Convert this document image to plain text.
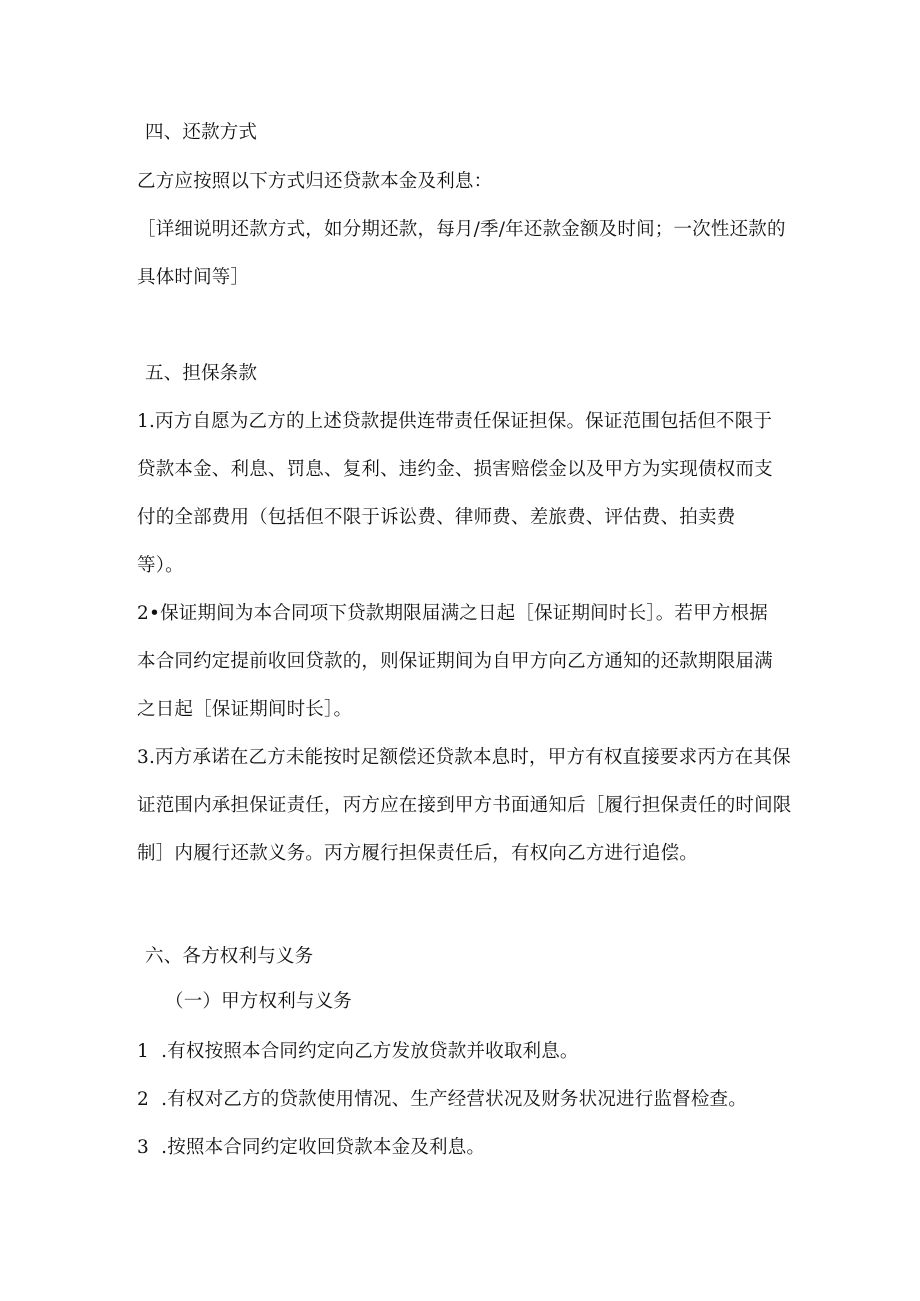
四、还款方式
乙方应按照以下方式归还贷款本金及利息：
［详细说明还款方式，如分期还款，每月/季/年还款金额及时间；一次性还款的
具体时间等］
五、担保条款
1.丙方自愿为乙方的上述贷款提供连带责任保证担保。保证范围包括但不限于
贷款本金、利息、罚息、复利、违约金、损害赔偿金以及甲方为实现债权而支
付的全部费用（包括但不限于诉讼费、律师费、差旅费、评估费、拍卖费
等）。
2•保证期间为本合同项下贷款期限届满之日起［保证期间时长］。若甲方根据
本合同约定提前收回贷款的，则保证期间为自甲方向乙方通知的还款期限届满
之日起［保证期间时长］。
3.丙方承诺在乙方未能按时足额偿还贷款本息时，甲方有权直接要求丙方在其保
证范围内承担保证责任，丙方应在接到甲方书面通知后［履行担保责任的时间限
制］内履行还款义务。丙方履行担保责任后，有权向乙方进行追偿。
六、各方权利与义务
（一）甲方权利与义务
1  .有权按照本合同约定向乙方发放贷款并收取利息。
2  .有权对乙方的贷款使用情况、生产经营状况及财务状况进行监督检查。
3  .按照本合同约定收回贷款本金及利息。
